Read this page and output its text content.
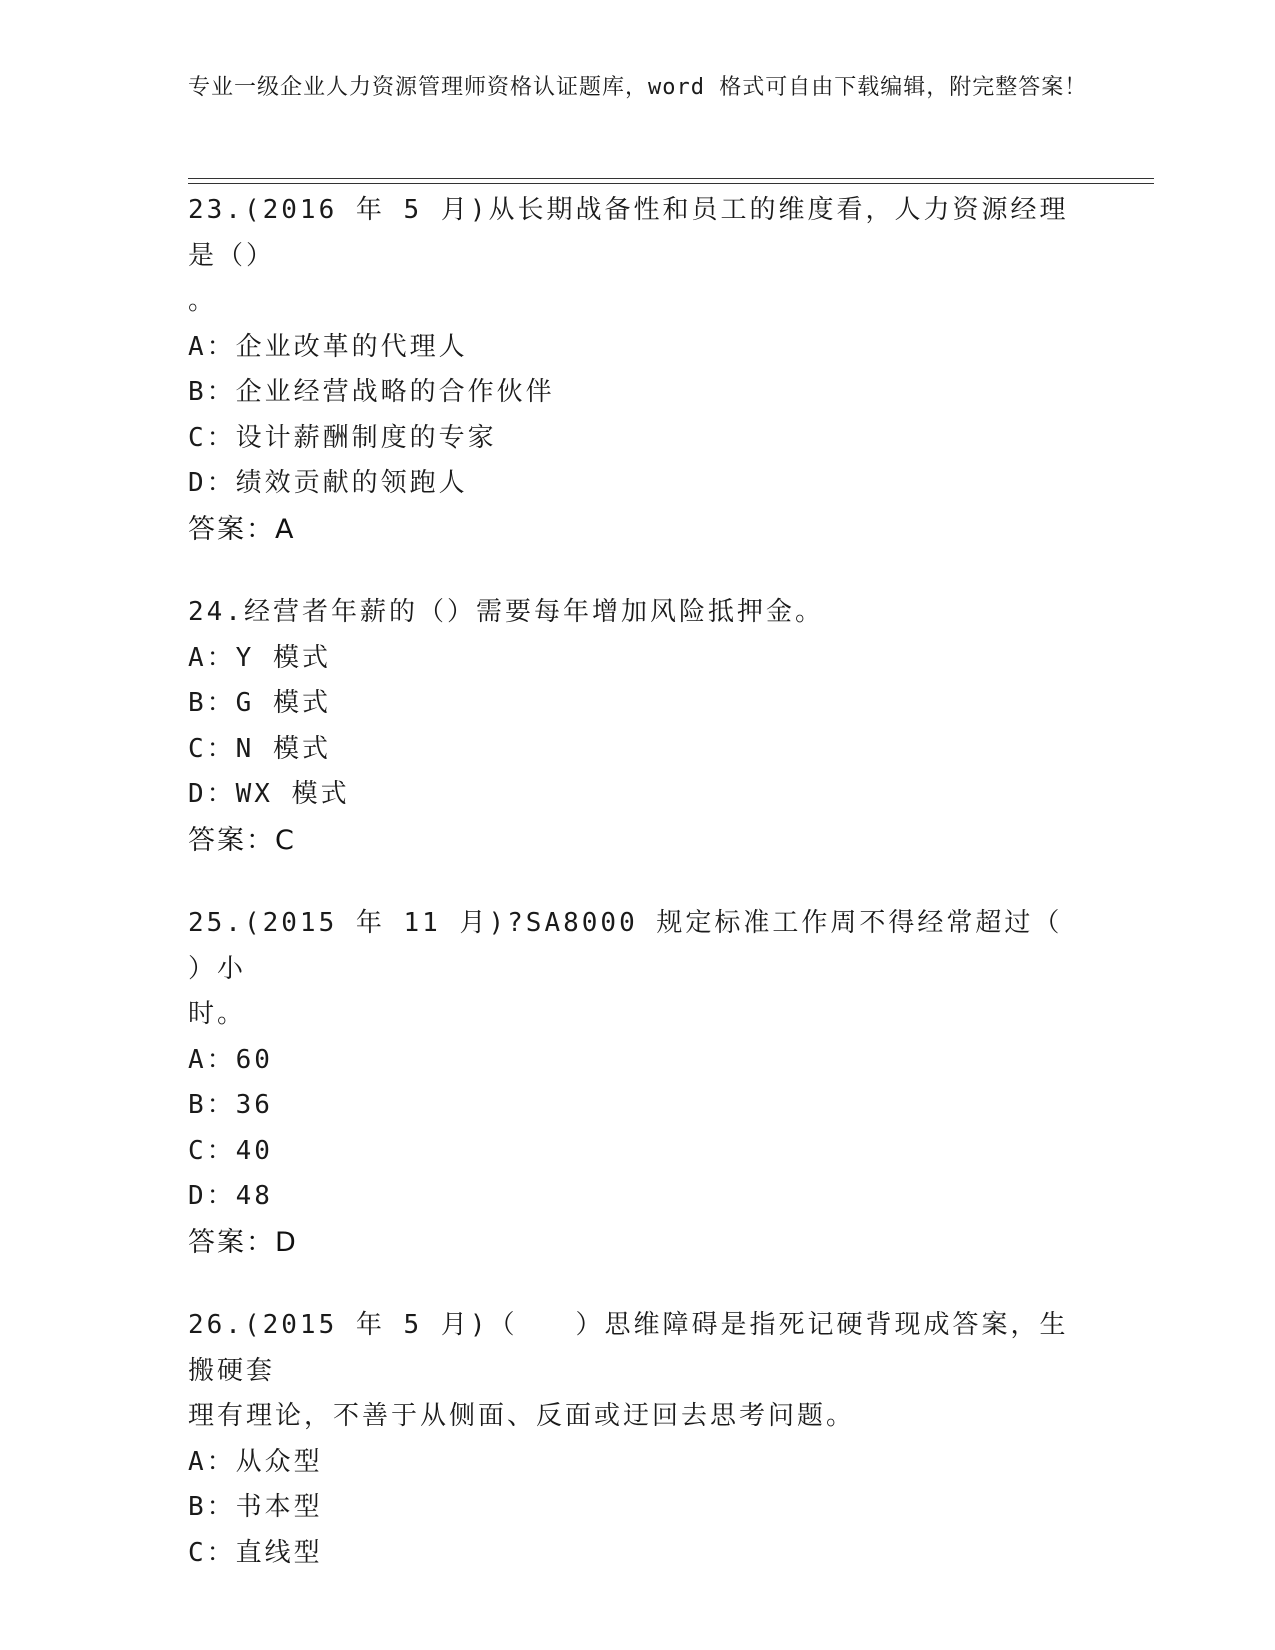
专业一级企业人力资源管理师资格认证题库，word 格式可自由下载编辑，附完整答案！
23.(2016 年 5 月)从长期战备性和员工的维度看，人力资源经理是（）
。
A：企业改革的代理人
B：企业经营战略的合作伙伴
C：设计薪酬制度的专家
D：绩效贡献的领跑人
答案：A
24.经营者年薪的（）需要每年增加风险抵押金。
A：Y 模式
B：G 模式
C：N 模式
D：WX 模式
答案：C
25.(2015 年 11 月)?SA8000 规定标准工作周不得经常超过（　　）小
时。
A：60
B：36
C：40
D：48
答案：D
26.(2015 年 5 月)（　　）思维障碍是指死记硬背现成答案，生搬硬套
理有理论，不善于从侧面、反面或迂回去思考问题。
A：从众型
B：书本型
C：直线型
